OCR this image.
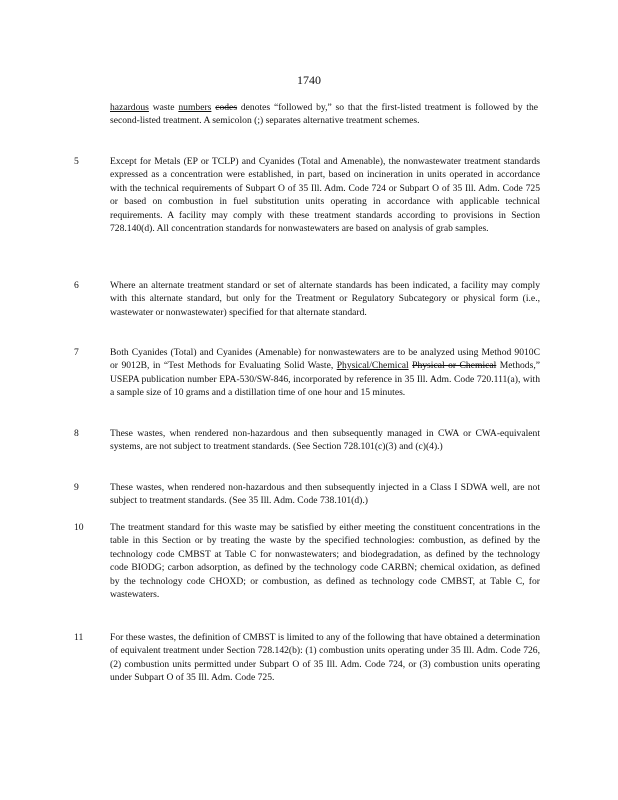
1740
hazardous waste numbers codes denotes “followed by,” so that the first-listed treatment is followed by the second-listed treatment. A semicolon (;) separates alternative treatment schemes.
5	Except for Metals (EP or TCLP) and Cyanides (Total and Amenable), the nonwastewater treatment standards expressed as a concentration were established, in part, based on incineration in units operated in accordance with the technical requirements of Subpart O of 35 Ill. Adm. Code 724 or Subpart O of 35 Ill. Adm. Code 725 or based on combustion in fuel substitution units operating in accordance with applicable technical requirements. A facility may comply with these treatment standards according to provisions in Section 728.140(d). All concentration standards for nonwastewaters are based on analysis of grab samples.
6	Where an alternate treatment standard or set of alternate standards has been indicated, a facility may comply with this alternate standard, but only for the Treatment or Regulatory Subcategory or physical form (i.e., wastewater or nonwastewater) specified for that alternate standard.
7	Both Cyanides (Total) and Cyanides (Amenable) for nonwastewaters are to be analyzed using Method 9010C or 9012B, in “Test Methods for Evaluating Solid Waste, Physical/Chemical Physical or Chemical Methods,” USEPA publication number EPA-530/SW-846, incorporated by reference in 35 Ill. Adm. Code 720.111(a), with a sample size of 10 grams and a distillation time of one hour and 15 minutes.
8	These wastes, when rendered non-hazardous and then subsequently managed in CWA or CWA-equivalent systems, are not subject to treatment standards. (See Section 728.101(c)(3) and (c)(4).)
9	These wastes, when rendered non-hazardous and then subsequently injected in a Class I SDWA well, are not subject to treatment standards. (See 35 Ill. Adm. Code 738.101(d).)
10	The treatment standard for this waste may be satisfied by either meeting the constituent concentrations in the table in this Section or by treating the waste by the specified technologies: combustion, as defined by the technology code CMBST at Table C for nonwastewaters; and biodegradation, as defined by the technology code BIODG; carbon adsorption, as defined by the technology code CARBN; chemical oxidation, as defined by the technology code CHOXD; or combustion, as defined as technology code CMBST, at Table C, for wastewaters.
11	For these wastes, the definition of CMBST is limited to any of the following that have obtained a determination of equivalent treatment under Section 728.142(b): (1) combustion units operating under 35 Ill. Adm. Code 726, (2) combustion units permitted under Subpart O of 35 Ill. Adm. Code 724, or (3) combustion units operating under Subpart O of 35 Ill. Adm. Code 725.
